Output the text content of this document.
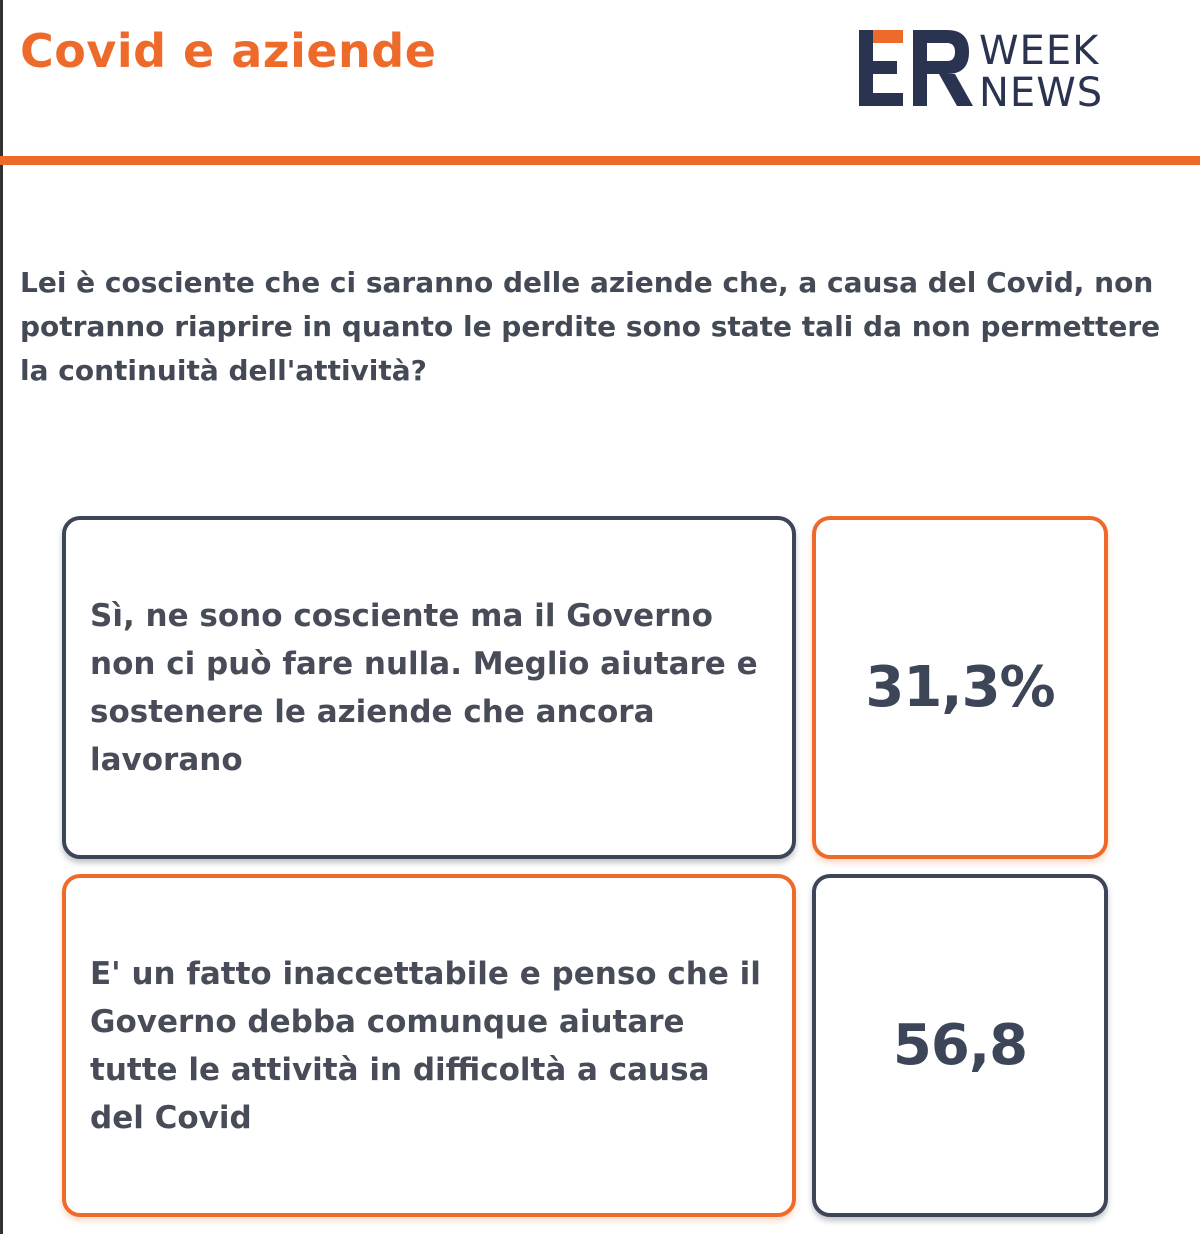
Covid e aziende	WEEK
NEWS

Lei è cosciente che ci saranno delle aziende che, a causa del Covid, non potranno riaprire in quanto le perdite sono state tali da non permettere la continuità dell'attività?

Sì, ne sono cosciente ma il Governo non ci può fare nulla. Meglio aiutare e sostenere le aziende che ancora lavorano

31,3%

E' un fatto inaccettabile e penso che il Governo debba comunque aiutare tutte le attività in difficoltà a causa del Covid

56,8
